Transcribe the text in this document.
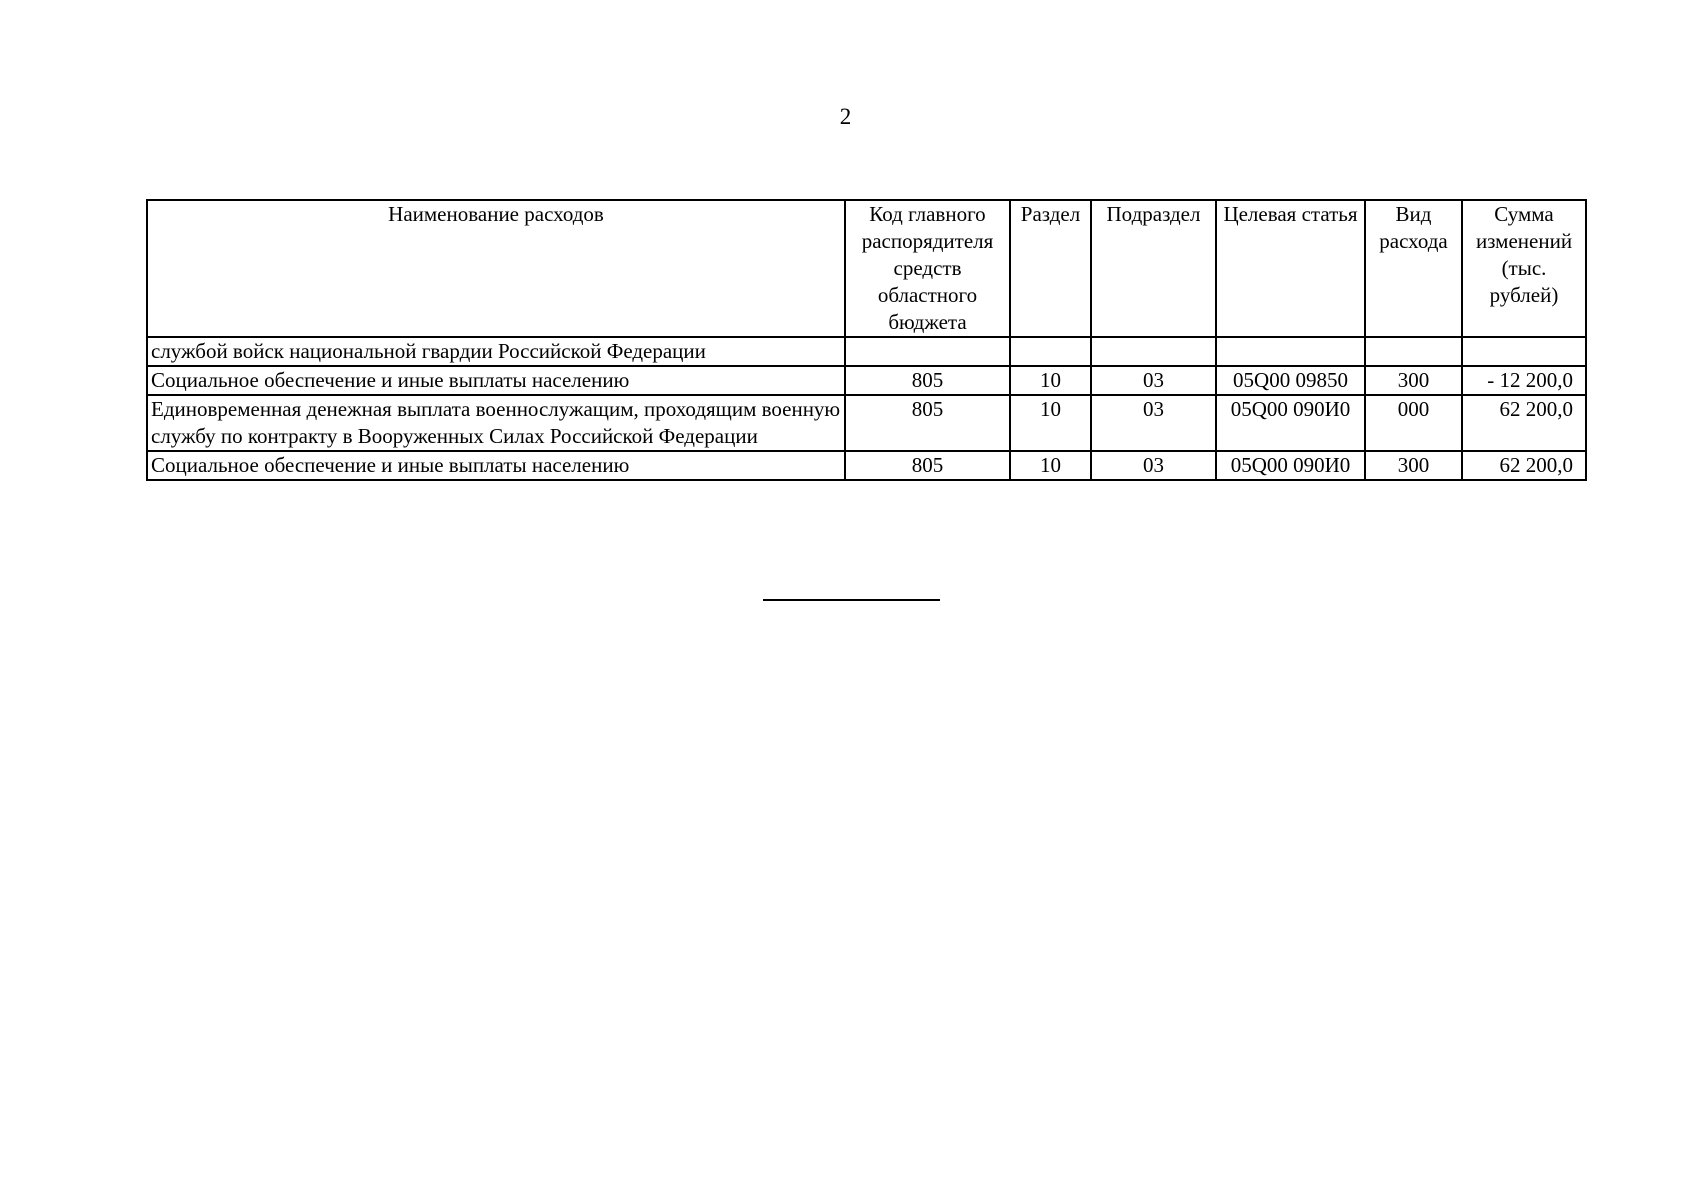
2
Наименование расходов	Код главного распорядителя средств областного бюджета	Раздел	Подраздел	Целевая статья	Вид расхода	Сумма изменений (тыс. рублей)
службой войск национальной гвардии Российской Федерации						
Социальное обеспечение и иные выплаты населению	805	10	03	05Q00 09850	300	- 12 200,0
Единовременная денежная выплата военнослужащим, проходящим военную службу по контракту в Вооруженных Силах Российской Федерации	805	10	03	05Q00 090И0	000	62 200,0
Социальное обеспечение и иные выплаты населению	805	10	03	05Q00 090И0	300	62 200,0
